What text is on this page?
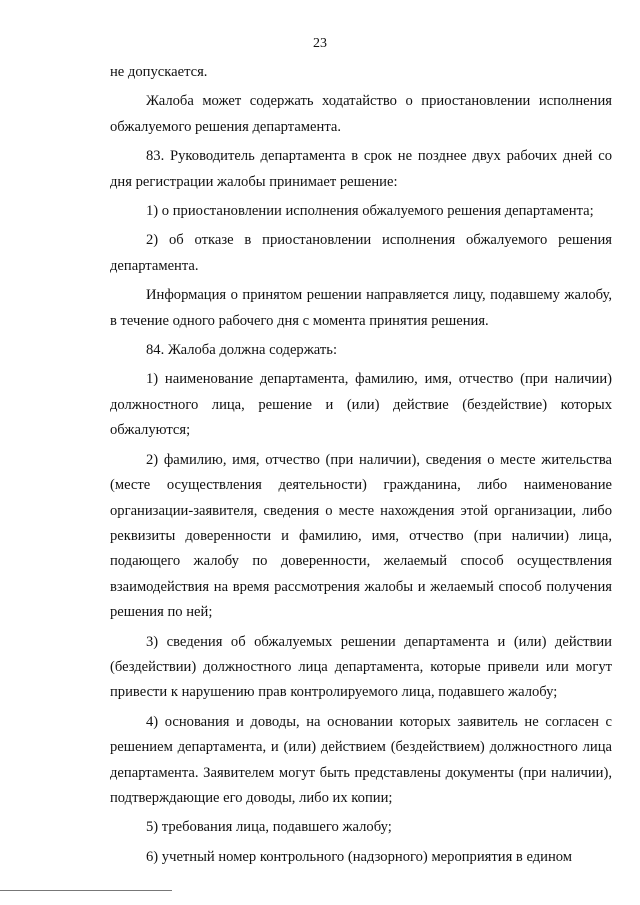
23

не допускается.

Жалоба может содержать ходатайство о приостановлении исполнения обжалуемого решения департамента.

83. Руководитель департамента в срок не позднее двух рабочих дней со дня регистрации жалобы принимает решение:

1) о приостановлении исполнения обжалуемого решения департамента;

2) об отказе в приостановлении исполнения обжалуемого решения департамента.

Информация о принятом решении направляется лицу, подавшему жалобу, в течение одного рабочего дня с момента принятия решения.

84. Жалоба должна содержать:

1) наименование департамента, фамилию, имя, отчество (при наличии) должностного лица, решение и (или) действие (бездействие) которых обжалуются;

2) фамилию, имя, отчество (при наличии), сведения о месте жительства (месте осуществления деятельности) гражданина, либо наименование организации-заявителя, сведения о месте нахождения этой организации, либо реквизиты доверенности и фамилию, имя, отчество (при наличии) лица, подающего жалобу по доверенности, желаемый способ осуществления взаимодействия на время рассмотрения жалобы и желаемый способ получения решения по ней;

3) сведения об обжалуемых решении департамента и (или) действии (бездействии) должностного лица департамента, которые привели или могут привести к нарушению прав контролируемого лица, подавшего жалобу;

4) основания и доводы, на основании которых заявитель не согласен с решением департамента, и (или) действием (бездействием) должностного лица департамента. Заявителем могут быть представлены документы (при наличии), подтверждающие его доводы, либо их копии;

5) требования лица, подавшего жалобу;

6) учетный номер контрольного (надзорного) мероприятия в едином
